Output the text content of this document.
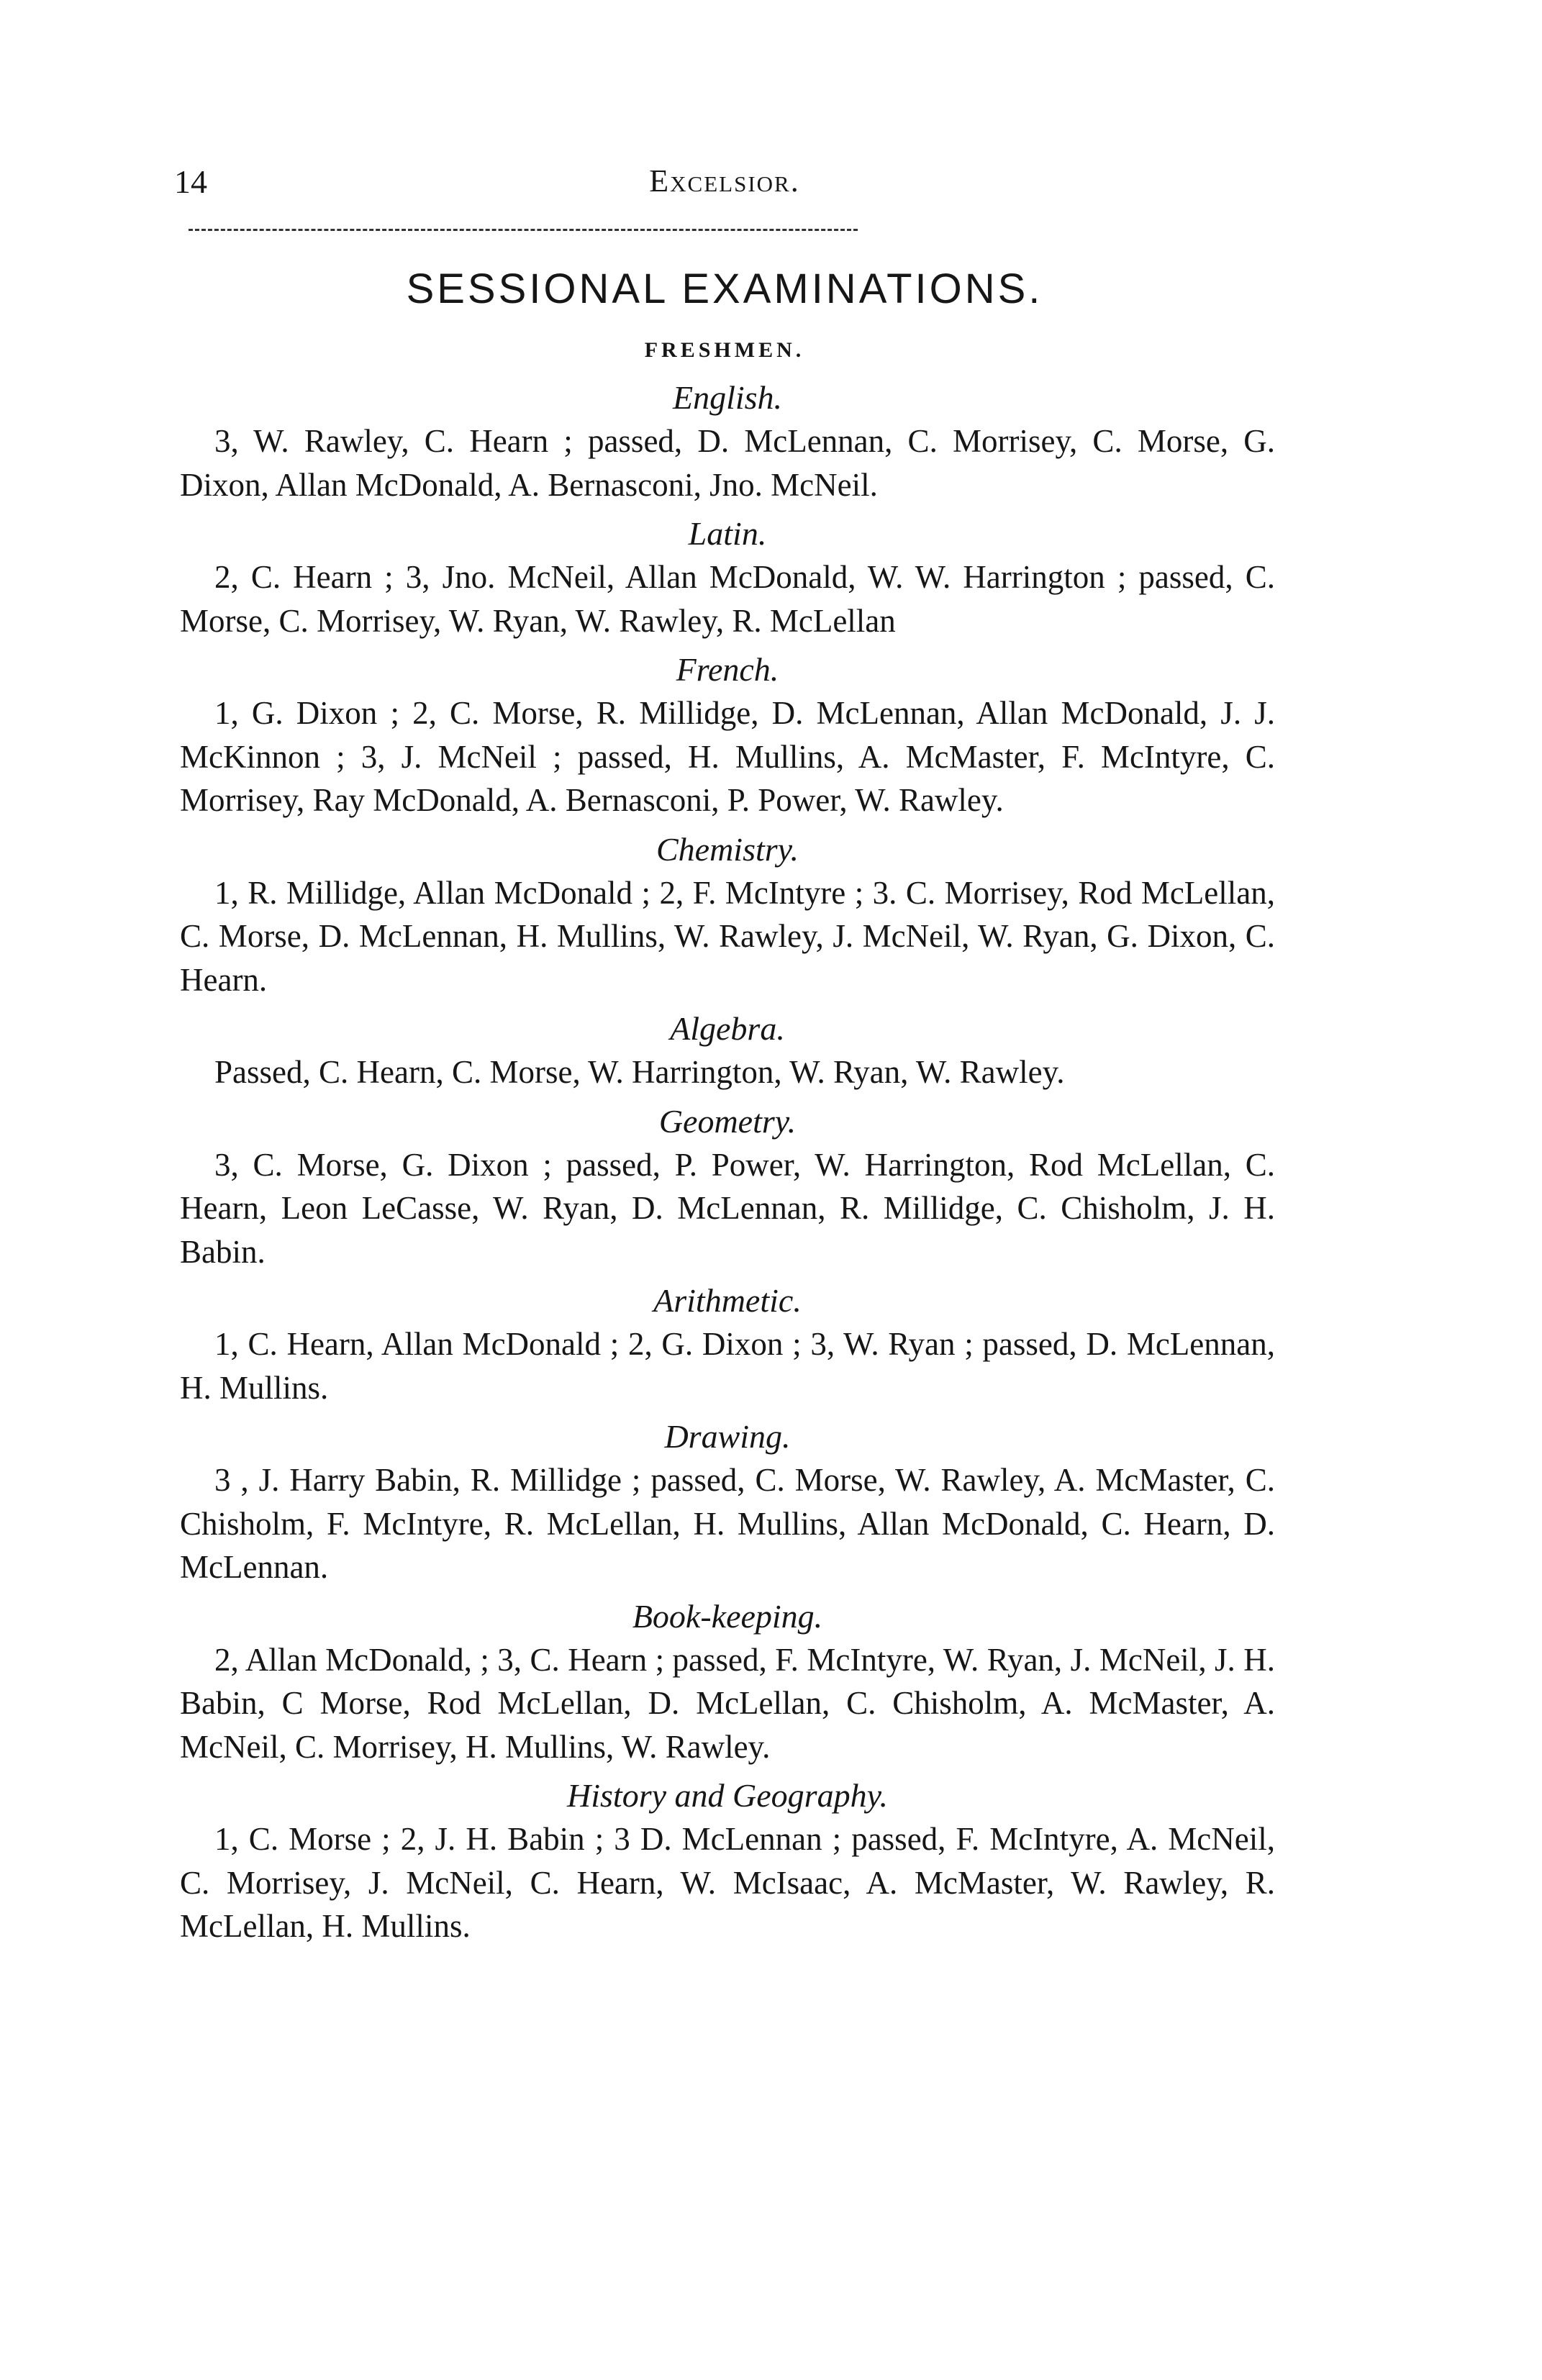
14	Excelsior.
SESSIONAL EXAMINATIONS.
FRESHMEN.
English.

3, W. Rawley, C. Hearn ; passed, D. McLennan, C. Morrisey, C. Morse, G. Dixon, Allan McDonald, A. Bernasconi, Jno. McNeil.

Latin.

2, C. Hearn ; 3, Jno. McNeil, Allan McDonald, W. W. Harrington ; passed, C. Morse, C. Morrisey, W. Ryan, W. Rawley, R. McLellan

French.

1, G. Dixon ; 2, C. Morse, R. Millidge, D. McLennan, Allan McDonald, J. J. McKinnon ; 3, J. McNeil ; passed, H. Mullins, A. McMaster, F. McIntyre, C. Morrisey, Ray McDonald, A. Bernasconi, P. Power, W. Rawley.

Chemistry.

1, R. Millidge, Allan McDonald ; 2, F. McIntyre ; 3. C. Morrisey, Rod McLellan, C. Morse, D. McLennan, H. Mullins, W. Rawley, J. McNeil, W. Ryan, G. Dixon, C. Hearn.

Algebra.

Passed, C. Hearn, C. Morse, W. Harrington, W. Ryan, W. Rawley.

Geometry.

3, C. Morse, G. Dixon ; passed, P. Power, W. Harrington, Rod McLellan, C. Hearn, Leon LeCasse, W. Ryan, D. McLennan, R. Millidge, C. Chisholm, J. H. Babin.

Arithmetic.

1, C. Hearn, Allan McDonald ; 2, G. Dixon ; 3, W. Ryan ; passed, D. McLennan, H. Mullins.

Drawing.

3 , J. Harry Babin, R. Millidge ; passed, C. Morse, W. Rawley, A. McMaster, C. Chisholm, F. McIntyre, R. McLellan, H. Mullins, Allan McDonald, C. Hearn, D. McLennan.

Book-keeping.

2, Allan McDonald, ; 3, C. Hearn ; passed, F. McIntyre, W. Ryan, J. McNeil, J. H. Babin, C Morse, Rod McLellan, D. McLellan, C. Chisholm, A. McMaster, A. McNeil, C. Morrisey, H. Mullins, W. Rawley.

History and Geography.

1, C. Morse ; 2, J. H. Babin ; 3 D. McLennan ; passed, F. McIntyre, A. McNeil, C. Morrisey, J. McNeil, C. Hearn, W. McIsaac, A. McMaster, W. Rawley, R. McLellan, H. Mullins.
